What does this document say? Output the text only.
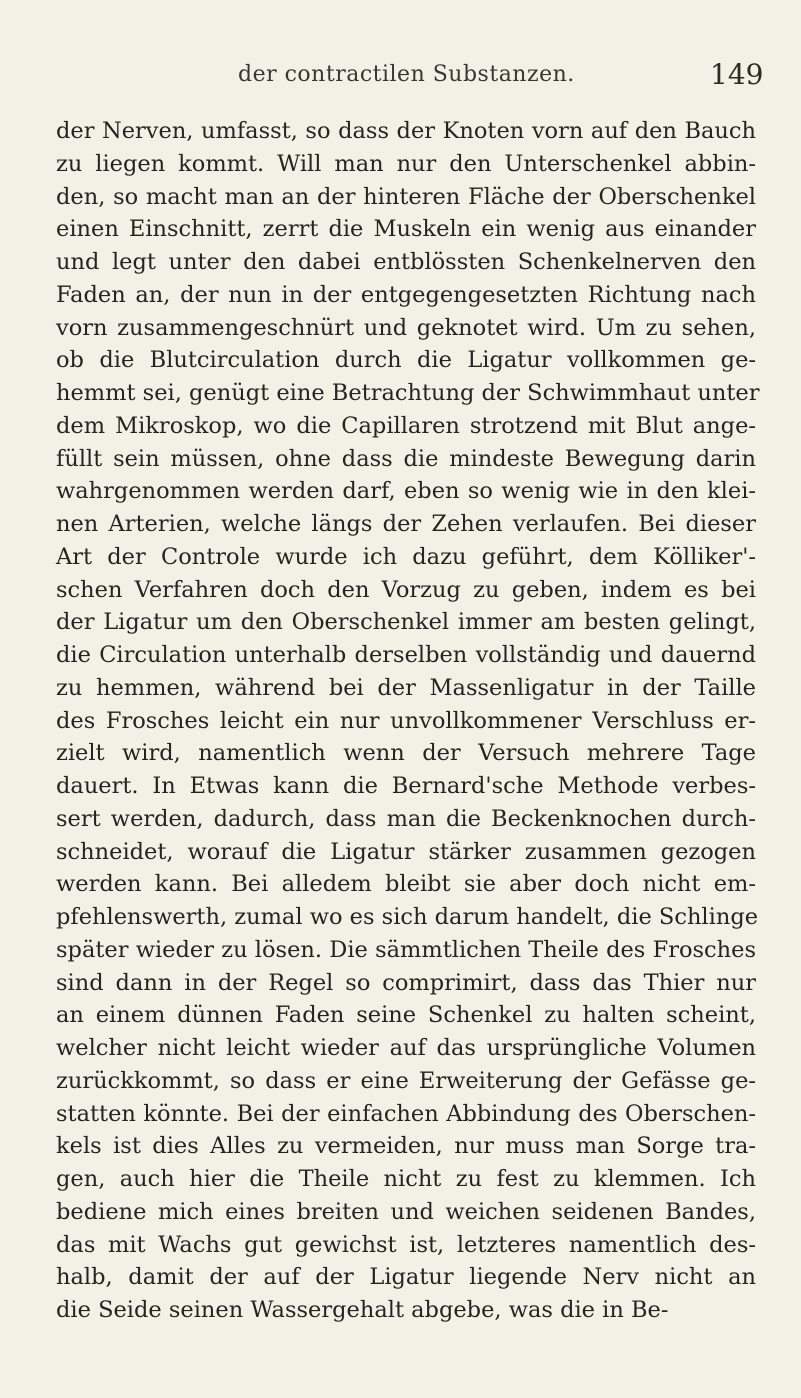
der contractilen Substanzen.	149
der Nerven, umfasst, so dass der Knoten vorn auf den Bauch
zu liegen kommt. Will man nur den Unterschenkel abbin-
den, so macht man an der hinteren Fläche der Oberschenkel
einen Einschnitt, zerrt die Muskeln ein wenig aus einander
und legt unter den dabei entblössten Schenkelnerven den
Faden an, der nun in der entgegengesetzten Richtung nach
vorn zusammengeschnürt und geknotet wird. Um zu sehen,
ob die Blutcirculation durch die Ligatur vollkommen ge-
hemmt sei, genügt eine Betrachtung der Schwimmhaut unter
dem Mikroskop, wo die Capillaren strotzend mit Blut ange-
füllt sein müssen, ohne dass die mindeste Bewegung darin
wahrgenommen werden darf, eben so wenig wie in den klei-
nen Arterien, welche längs der Zehen verlaufen. Bei dieser
Art der Controle wurde ich dazu geführt, dem Kölliker'-
schen Verfahren doch den Vorzug zu geben, indem es bei
der Ligatur um den Oberschenkel immer am besten gelingt,
die Circulation unterhalb derselben vollständig und dauernd
zu hemmen, während bei der Massenligatur in der Taille
des Frosches leicht ein nur unvollkommener Verschluss er-
zielt wird, namentlich wenn der Versuch mehrere Tage
dauert. In Etwas kann die Bernard'sche Methode verbes-
sert werden, dadurch, dass man die Beckenknochen durch-
schneidet, worauf die Ligatur stärker zusammen gezogen
werden kann. Bei alledem bleibt sie aber doch nicht em-
pfehlenswerth, zumal wo es sich darum handelt, die Schlinge
später wieder zu lösen. Die sämmtlichen Theile des Frosches
sind dann in der Regel so comprimirt, dass das Thier nur
an einem dünnen Faden seine Schenkel zu halten scheint,
welcher nicht leicht wieder auf das ursprüngliche Volumen
zurückkommt, so dass er eine Erweiterung der Gefässe ge-
statten könnte. Bei der einfachen Abbindung des Oberschen-
kels ist dies Alles zu vermeiden, nur muss man Sorge tra-
gen, auch hier die Theile nicht zu fest zu klemmen. Ich
bediene mich eines breiten und weichen seidenen Bandes,
das mit Wachs gut gewichst ist, letzteres namentlich des-
halb, damit der auf der Ligatur liegende Nerv nicht an
die Seide seinen Wassergehalt abgebe, was die in Be-
